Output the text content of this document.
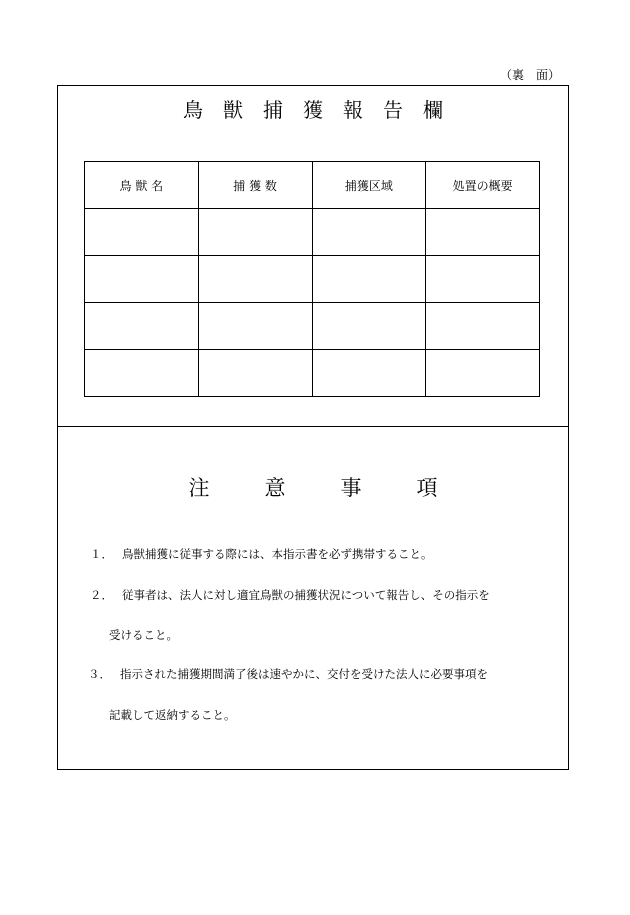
（裏　面）
鳥獣捕獲報告欄
鳥 獣 名	捕 獲 数	捕獲区域	処置の概要

注	意	事	項
１． 鳥獣捕獲に従事する際には、本指示書を必ず携帯すること。
２． 従事者は、法人に対し適宜鳥獣の捕獲状況について報告し、その指示を
受けること。
３． 指示された捕獲期間満了後は速やかに、交付を受けた法人に必要事項を
記載して返納すること。
